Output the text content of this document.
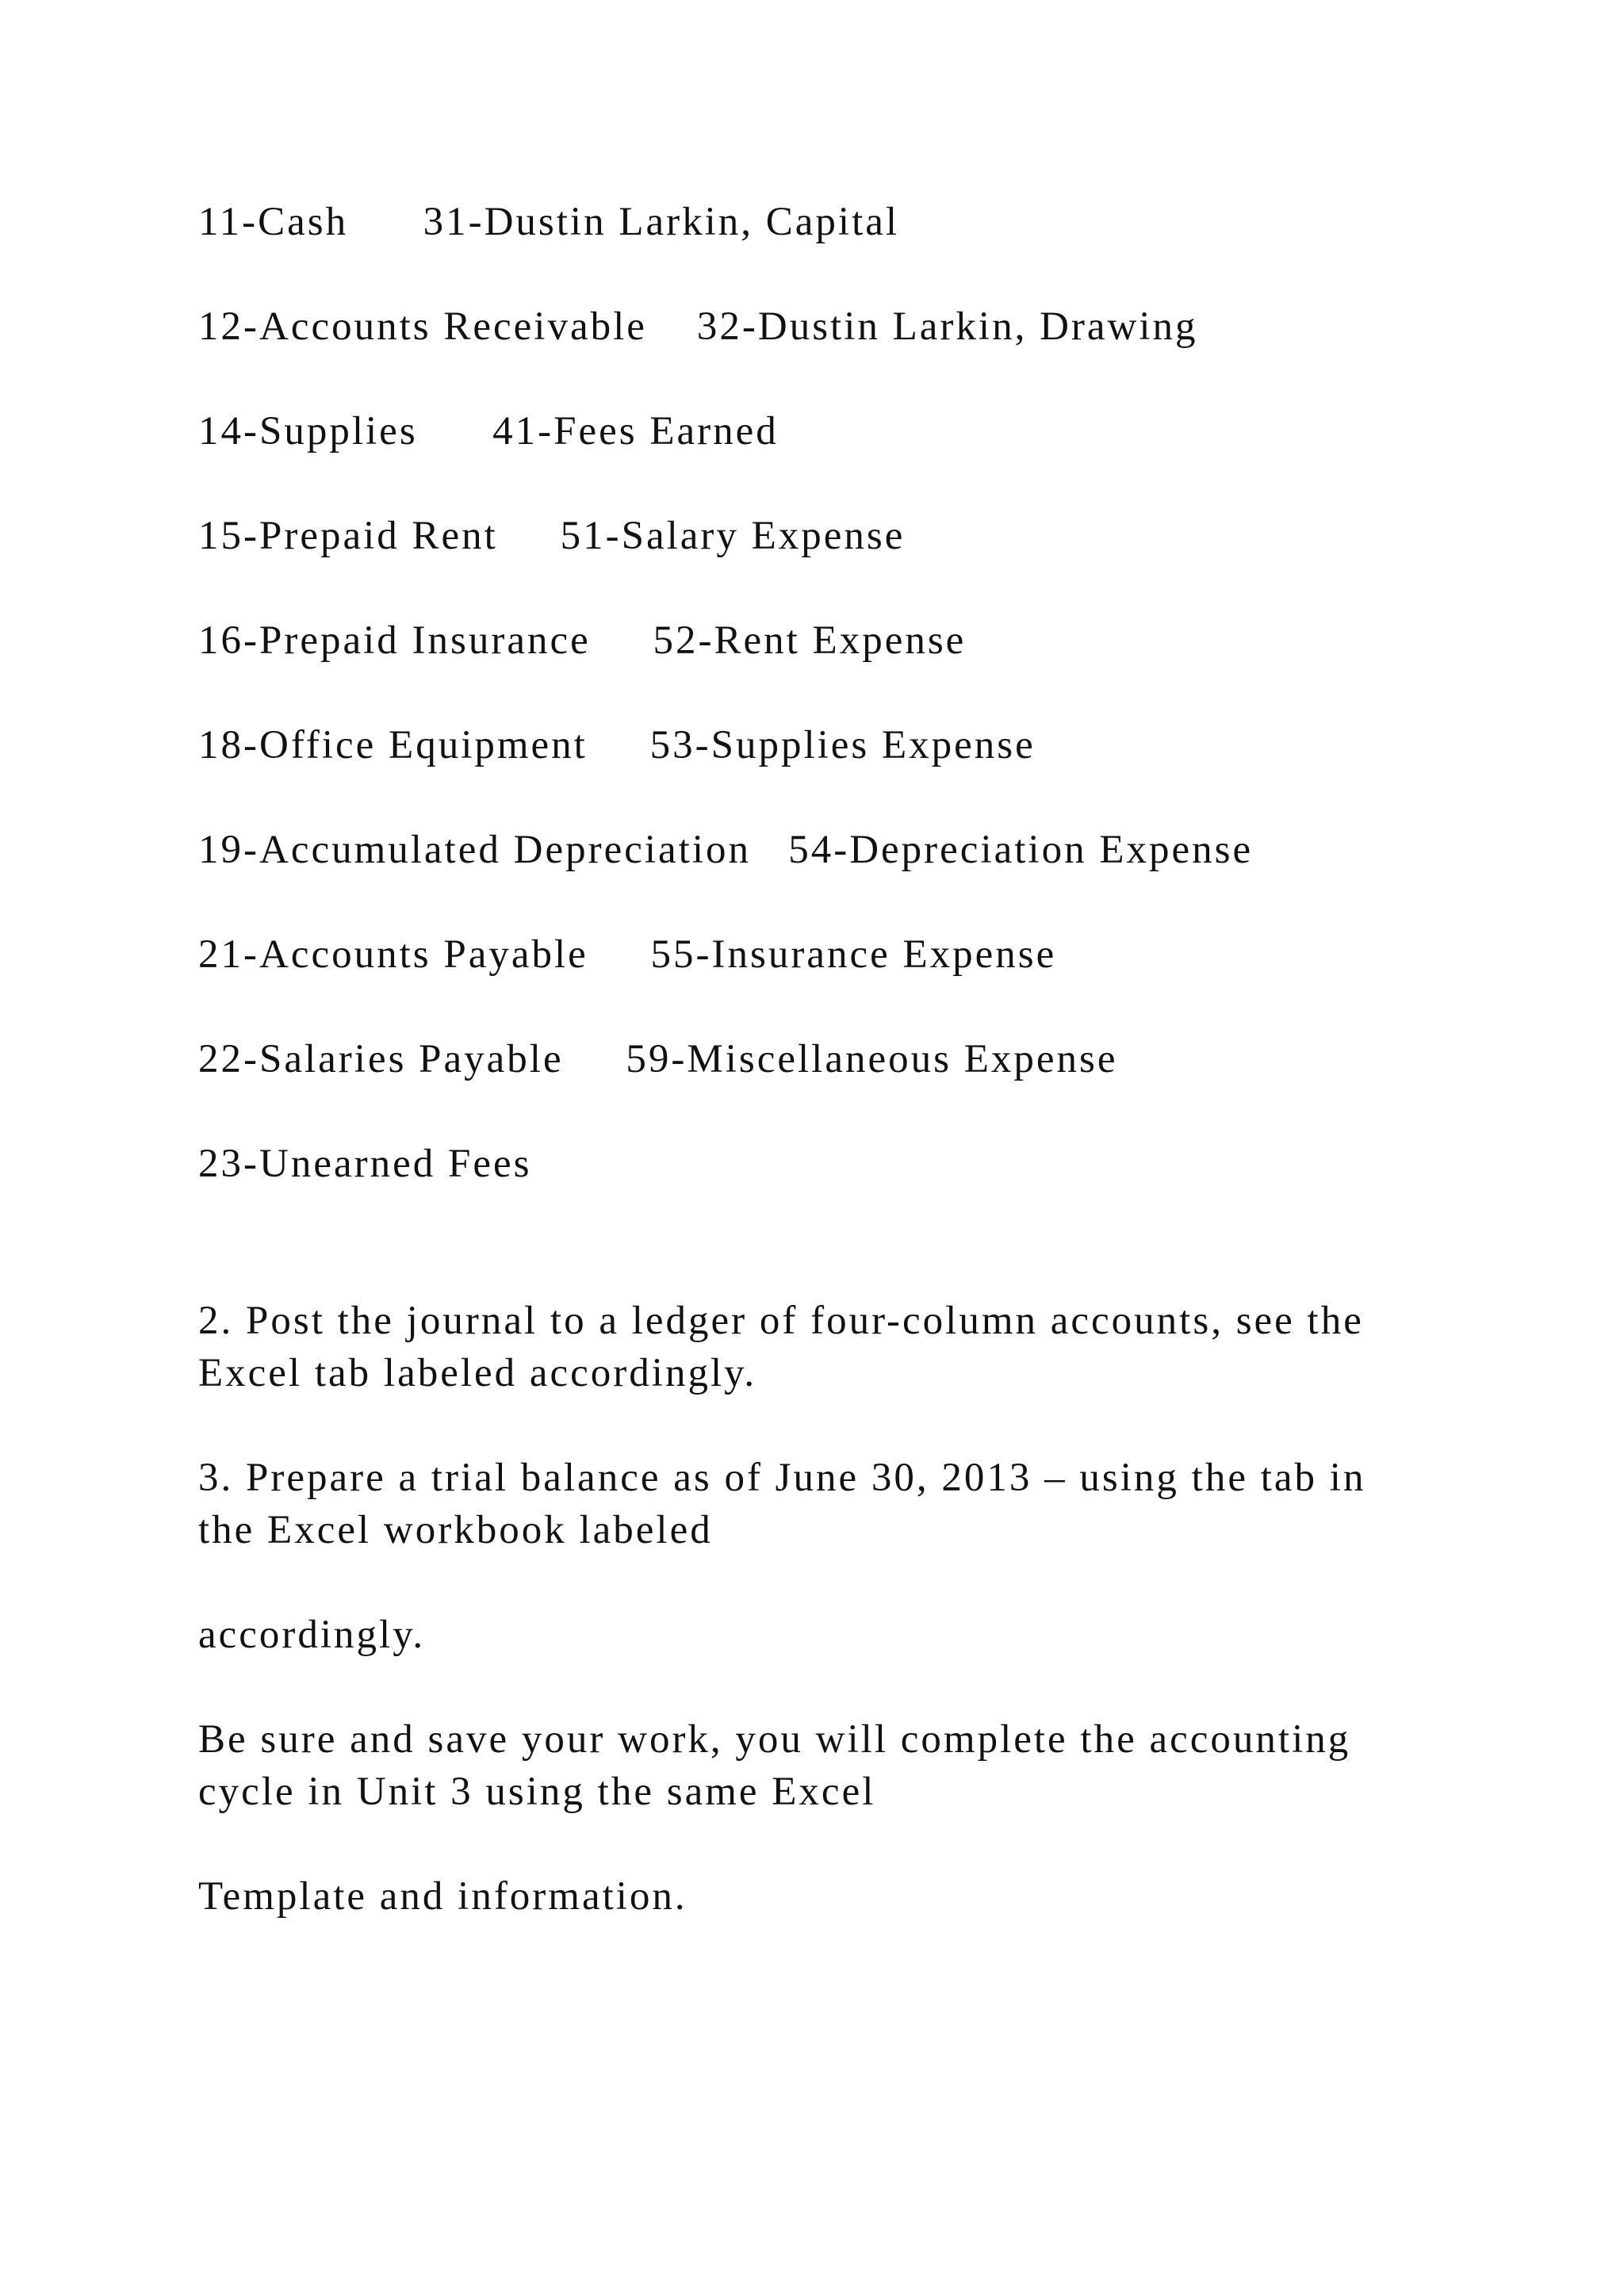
11-Cash      31-Dustin Larkin, Capital
12-Accounts Receivable    32-Dustin Larkin, Drawing
14-Supplies      41-Fees Earned
15-Prepaid Rent     51-Salary Expense
16-Prepaid Insurance     52-Rent Expense
18-Office Equipment     53-Supplies Expense
19-Accumulated Depreciation   54-Depreciation Expense
21-Accounts Payable     55-Insurance Expense
22-Salaries Payable     59-Miscellaneous Expense
23-Unearned Fees
2. Post the journal to a ledger of four-column accounts, see the
Excel tab labeled accordingly.
3. Prepare a trial balance as of June 30, 2013 – using the tab in
the Excel workbook labeled
accordingly.
Be sure and save your work, you will complete the accounting
cycle in Unit 3 using the same Excel
Template and information.
